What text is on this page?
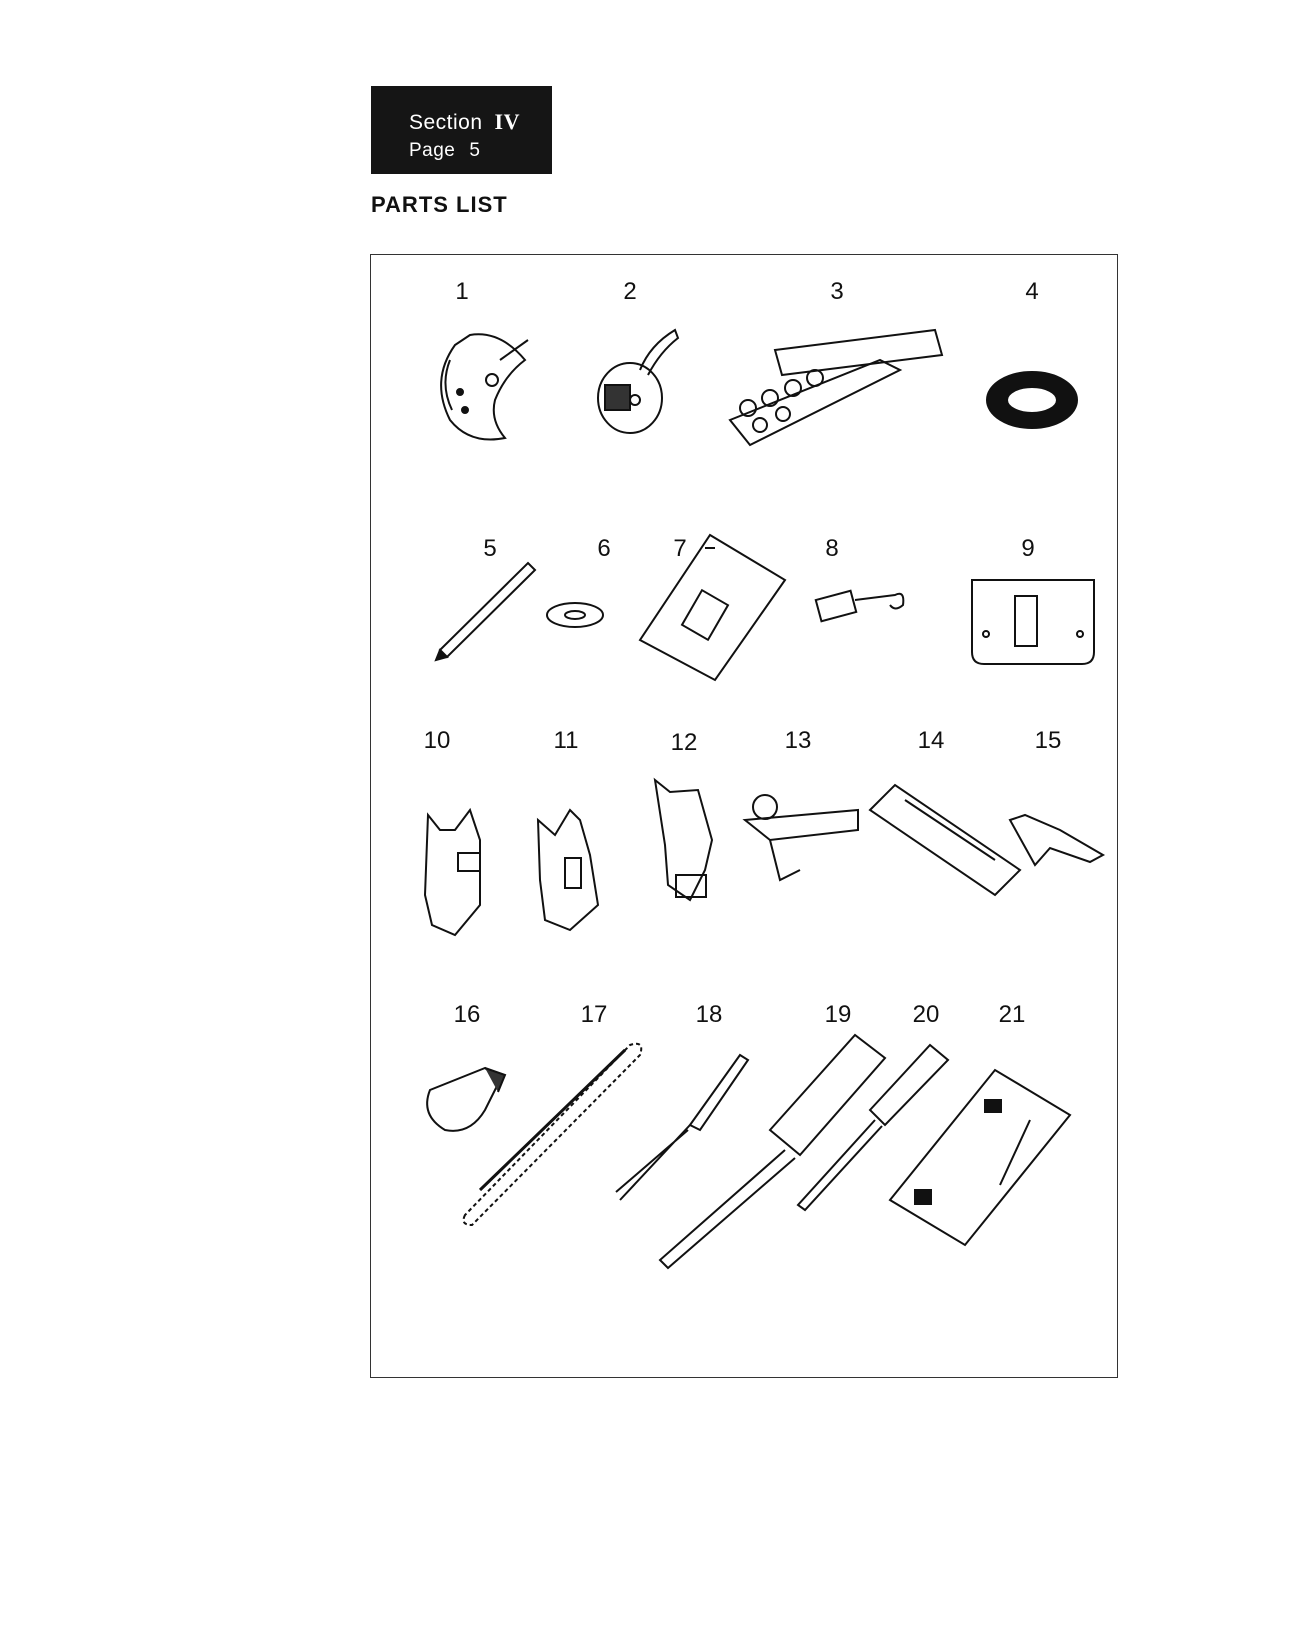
Section IV
Page 5
PARTS LIST
1	2	3	4
5	6	7	8	9
10	11	12	13	14	15
16	17	18	19	20 21
